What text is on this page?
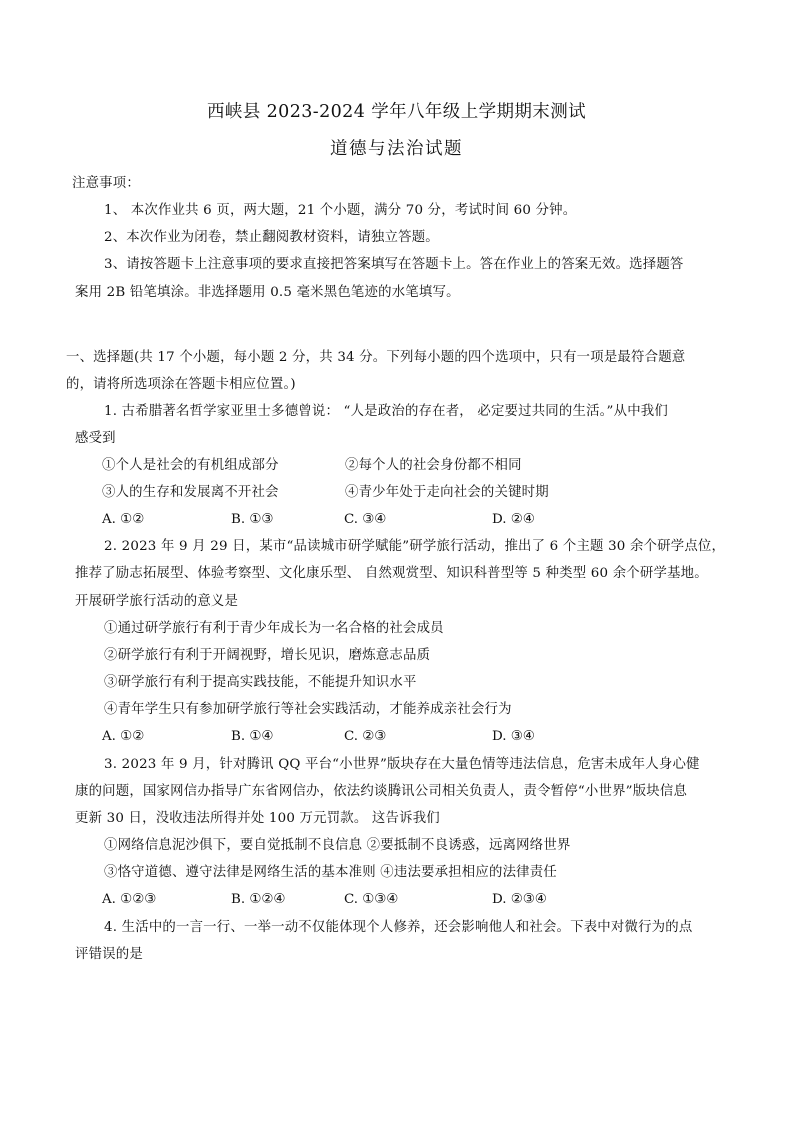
西峡县 2023-2024 学年八年级上学期期末测试
道德与法治试题
注意事项：
1、 本次作业共 6 页，两大题，21 个小题，满分 70 分，考试时间 60 分钟。
2、本次作业为闭卷，禁止翻阅教材资料，请独立答题。
3、请按答题卡上注意事项的要求直接把答案填写在答题卡上。答在作业上的答案无效。选择题答
案用 2B 铅笔填涂。非选择题用 0.5 毫米黑色笔迹的水笔填写。
一、选择题(共 17 个小题，每小题 2 分，共 34 分。下列每小题的四个选项中，只有一项是最符合题意
的，请将所选项涂在答题卡相应位置。)
1. 古希腊著名哲学家亚里士多德曾说： “人是政治的存在者， 必定要过共同的生活。”从中我们
感受到
①个人是社会的有机组成部分	②每个人的社会身份都不相同
③人的生存和发展离不开社会	④青少年处于走向社会的关键时期
A. ①②	B. ①③	C. ③④	D. ②④
2. 2023 年 9 月 29 日，某市“品读城市研学赋能”研学旅行活动，推出了 6 个主题 30 余个研学点位，
推荐了励志拓展型、体验考察型、文化康乐型、 自然观赏型、知识科普型等 5 种类型 60 余个研学基地。
开展研学旅行活动的意义是
①通过研学旅行有利于青少年成长为一名合格的社会成员
②研学旅行有利于开阔视野，增长见识，磨炼意志品质
③研学旅行有利于提高实践技能，不能提升知识水平
④青年学生只有参加研学旅行等社会实践活动，才能养成亲社会行为
A. ①②	B. ①④	C. ②③	D. ③④
3. 2023 年 9 月，针对腾讯 QQ 平台“小世界”版块存在大量色情等违法信息，危害未成年人身心健
康的问题，国家网信办指导广东省网信办，依法约谈腾讯公司相关负责人，责令暂停“小世界”版块信息
更新 30 日，没收违法所得并处 100 万元罚款。 这告诉我们
①网络信息泥沙俱下，要自觉抵制不良信息 ②要抵制不良诱惑，远离网络世界
③恪守道德、遵守法律是网络生活的基本准则 ④违法要承担相应的法律责任
A. ①②③	B. ①②④	C. ①③④	D. ②③④
4. 生活中的一言一行、一举一动不仅能体现个人修养，还会影响他人和社会。下表中对微行为的点
评错误的是
